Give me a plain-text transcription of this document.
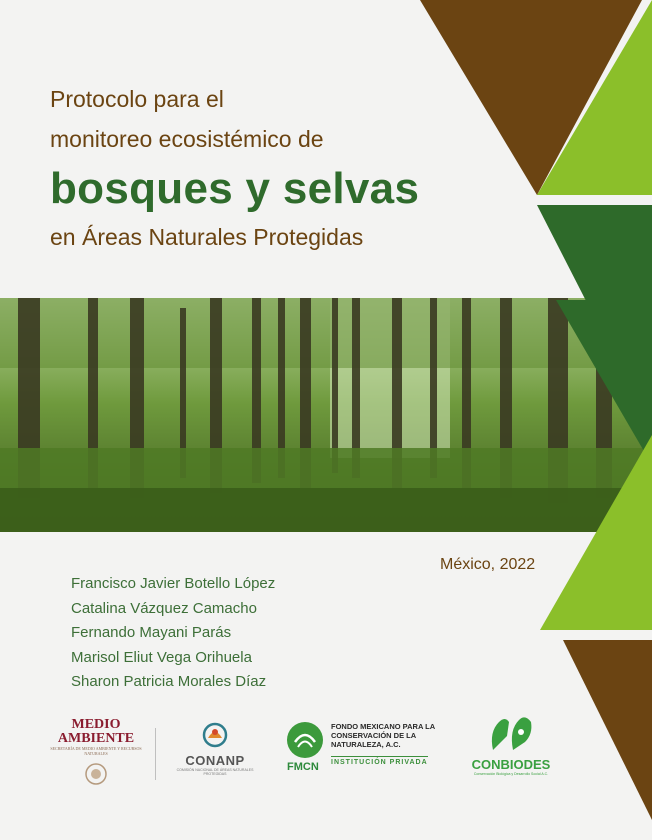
Protocolo para el
monitoreo ecosistémico de
bosques y selvas
en Áreas Naturales Protegidas
México, 2022
Francisco Javier Botello López
Catalina Vázquez Camacho
Fernando Mayani Parás
Marisol Eliut Vega Orihuela
Sharon Patricia Morales Díaz
MEDIO
AMBIENTE
SECRETARÍA DE MEDIO AMBIENTE Y RECURSOS NATURALES	CONANP
COMISIÓN NACIONAL DE ÁREAS NATURALES PROTEGIDAS
FMCN
FONDO MEXICANO PARA LA CONSERVACIÓN DE LA NATURALEZA, A.C.
INSTITUCIÓN PRIVADA	CONBIODES
Conservación Biológica y Desarrollo Social A.C.
